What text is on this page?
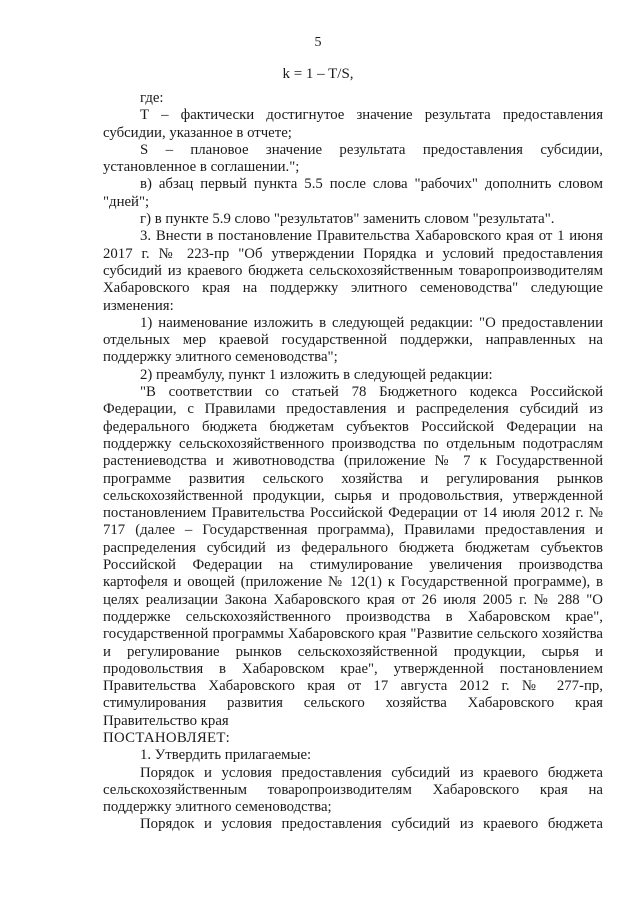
5
k = 1 – T/S,

где:

Т – фактически достигнутое значение результата предоставления субсидии, указанное в отчете;

S – плановое значение результата предоставления субсидии, установленное в соглашении.";

в) абзац первый пункта 5.5 после слова "рабочих" дополнить словом "дней";

г) в пункте 5.9 слово "результатов" заменить словом "результата".

3. Внести в постановление Правительства Хабаровского края от 1 июня 2017 г. № 223-пр "Об утверждении Порядка и условий предоставления субсидий из краевого бюджета сельскохозяйственным товаропроизводителям Хабаровского края на поддержку элитного семеноводства" следующие изменения:

1) наименование изложить в следующей редакции: "О предоставлении отдельных мер краевой государственной поддержки, направленных на поддержку элитного семеноводства";

2) преамбулу, пункт 1 изложить в следующей редакции:

"В соответствии со статьей 78 Бюджетного кодекса Российской Федерации, с Правилами предоставления и распределения субсидий из федерального бюджета бюджетам субъектов Российской Федерации на поддержку сельскохозяйственного производства по отдельным подотраслям растениеводства и животноводства (приложение № 7 к Государственной программе развития сельского хозяйства и регулирования рынков сельскохозяйственной продукции, сырья и продовольствия, утвержденной постановлением Правительства Российской Федерации от 14 июля 2012 г. № 717 (далее – Государственная программа), Правилами предоставления и распределения субсидий из федерального бюджета бюджетам субъектов Российской Федерации на стимулирование увеличения производства картофеля и овощей (приложение № 12(1) к Государственной программе), в целях реализации Закона Хабаровского края от 26 июля 2005 г. № 288 "О поддержке сельскохозяйственного производства в Хабаровском крае", государственной программы Хабаровского края "Развитие сельского хозяйства и регулирование рынков сельскохозяйственной продукции, сырья и продовольствия в Хабаровском крае", утвержденной постановлением Правительства Хабаровского края от 17 августа 2012 г. № 277-пр, стимулирования развития сельского хозяйства Хабаровского края Правительство края

ПОСТАНОВЛЯЕТ:

1. Утвердить прилагаемые:

Порядок и условия предоставления субсидий из краевого бюджета сельскохозяйственным товаропроизводителям Хабаровского края на поддержку элитного семеноводства;

Порядок и условия предоставления субсидий из краевого бюджета
